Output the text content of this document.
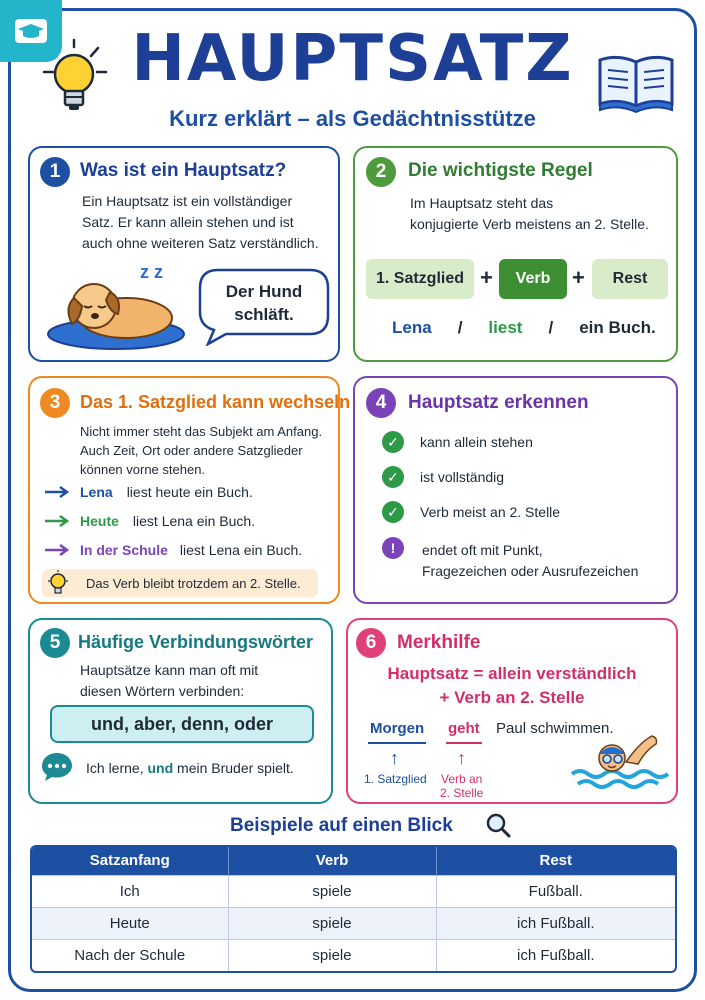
HAUPTSATZ
Kurz erklärt – als Gedächtnisstütze
1	Was ist ein Hauptsatz?
Ein Hauptsatz ist ein vollständiger
Satz. Er kann allein stehen und ist
auch ohne weiteren Satz verständlich.
z z
Der Hund
schläft.
2	Die wichtigste Regel
Im Hauptsatz steht das
konjugierte Verb meistens an 2. Stelle.
1. Satzglied +	Verb +	Rest
Lena / liest / ein Buch.
3	Das 1. Satzglied kann wechseln
Nicht immer steht das Subjekt am Anfang.
Auch Zeit, Ort oder andere Satzglieder
können vorne stehen.
Lena liest heute ein Buch.
Heute liest Lena ein Buch.
In der Schule liest Lena ein Buch.
Das Verb bleibt trotzdem an 2. Stelle.
4	Hauptsatz erkennen
✓	kann allein stehen
✓	ist vollständig
✓	Verb meist an 2. Stelle
!	endet oft mit Punkt,
Fragezeichen oder Ausrufezeichen
5 Häufige Verbindungswörter
Hauptsätze kann man oft mit
diesen Wörtern verbinden:
und, aber, denn, oder
Ich lerne, und mein Bruder spielt.
6	Merkhilfe
Hauptsatz = allein verständlich
+ Verb an 2. Stelle
Morgen geht Paul schwimmen.
↑	↑
1. Satzglied Verb an
2. Stelle
Beispiele auf einen Blick
Satzanfang	Verb	Rest
Ich	spiele	Fußball.
Heute	spiele	ich Fußball.
Nach der Schule	spiele	ich Fußball.
